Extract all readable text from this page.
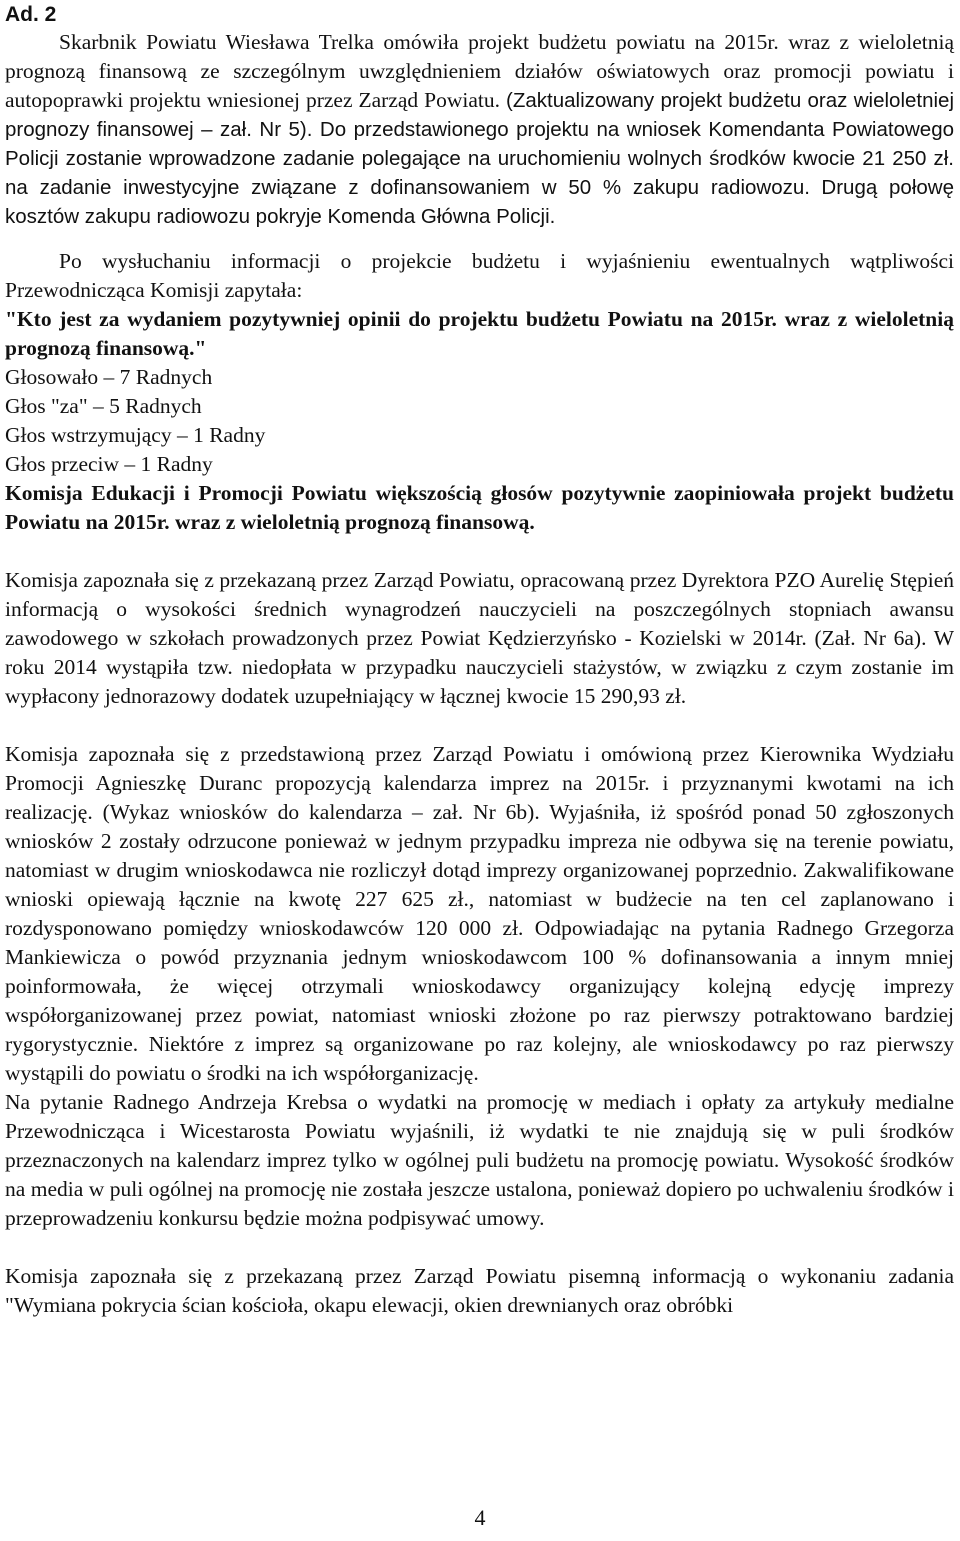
Ad. 2

Skarbnik Powiatu Wiesława Trelka omówiła projekt budżetu powiatu na 2015r. wraz z wieloletnią prognozą finansową ze szczególnym uwzględnieniem działów oświatowych oraz promocji powiatu i autopoprawki projektu wniesionej przez Zarząd Powiatu. (Zaktualizowany projekt budżetu oraz wieloletniej prognozy finansowej – zał. Nr 5). Do przedstawionego projektu na wniosek Komendanta Powiatowego Policji zostanie wprowadzone zadanie polegające na uruchomieniu wolnych środków kwocie 21 250 zł. na zadanie inwestycyjne związane z dofinansowaniem w 50 % zakupu radiowozu. Drugą połowę kosztów zakupu radiowozu pokryje Komenda Główna Policji.

Po wysłuchaniu informacji o projekcie budżetu i wyjaśnieniu ewentualnych wątpliwości Przewodnicząca Komisji zapytała:

"Kto jest za wydaniem pozytywniej opinii do projektu budżetu Powiatu na 2015r. wraz z wieloletnią prognozą finansową."

Głosowało – 7 Radnych
Głos "za" – 5 Radnych
Głos wstrzymujący – 1 Radny
Głos przeciw – 1 Radny

Komisja Edukacji i Promocji Powiatu większością głosów pozytywnie zaopiniowała projekt budżetu Powiatu na 2015r. wraz z wieloletnią prognozą finansową.

Komisja zapoznała się z przekazaną przez Zarząd Powiatu, opracowaną przez Dyrektora PZO Aurelię Stępień informacją o wysokości średnich wynagrodzeń nauczycieli na poszczególnych stopniach awansu zawodowego w szkołach prowadzonych przez Powiat Kędzierzyńsko - Kozielski w 2014r. (Zał. Nr 6a). W roku 2014 wystąpiła tzw. niedopłata w przypadku nauczycieli stażystów, w związku z czym zostanie im wypłacony jednorazowy dodatek uzupełniający w łącznej kwocie 15 290,93 zł.

Komisja zapoznała się z przedstawioną przez Zarząd Powiatu i omówioną przez Kierownika Wydziału Promocji Agnieszkę Duranc propozycją kalendarza imprez na 2015r. i przyznanymi kwotami na ich realizację. (Wykaz wniosków do kalendarza – zał. Nr 6b). Wyjaśniła, iż spośród ponad 50 zgłoszonych wniosków 2 zostały odrzucone ponieważ w jednym przypadku impreza nie odbywa się na terenie powiatu, natomiast w drugim wnioskodawca nie rozliczył dotąd imprezy organizowanej poprzednio. Zakwalifikowane wnioski opiewają łącznie na kwotę 227 625 zł., natomiast w budżecie na ten cel zaplanowano i rozdysponowano pomiędzy wnioskodawców 120 000 zł. Odpowiadając na pytania Radnego Grzegorza Mankiewicza o powód przyznania jednym wnioskodawcom 100 % dofinansowania a innym mniej poinformowała, że więcej otrzymali wnioskodawcy organizujący kolejną edycję imprezy współorganizowanej przez powiat, natomiast wnioski złożone po raz pierwszy potraktowano bardziej rygorystycznie. Niektóre z imprez są organizowane po raz kolejny, ale wnioskodawcy po raz pierwszy wystąpili do powiatu o środki na ich współorganizację.

Na pytanie Radnego Andrzeja Krebsa o wydatki na promocję w mediach i opłaty za artykuły medialne Przewodnicząca i Wicestarosta Powiatu wyjaśnili, iż wydatki te nie znajdują się w puli środków przeznaczonych na kalendarz imprez tylko w ogólnej puli budżetu na promocję powiatu. Wysokość środków na media w puli ogólnej na promocję nie została jeszcze ustalona, ponieważ dopiero po uchwaleniu środków i przeprowadzeniu konkursu będzie można podpisywać umowy.

Komisja zapoznała się z przekazaną przez Zarząd Powiatu pisemną informacją o wykonaniu zadania "Wymiana pokrycia ścian kościoła, okapu elewacji, okien drewnianych oraz obróbki

4
